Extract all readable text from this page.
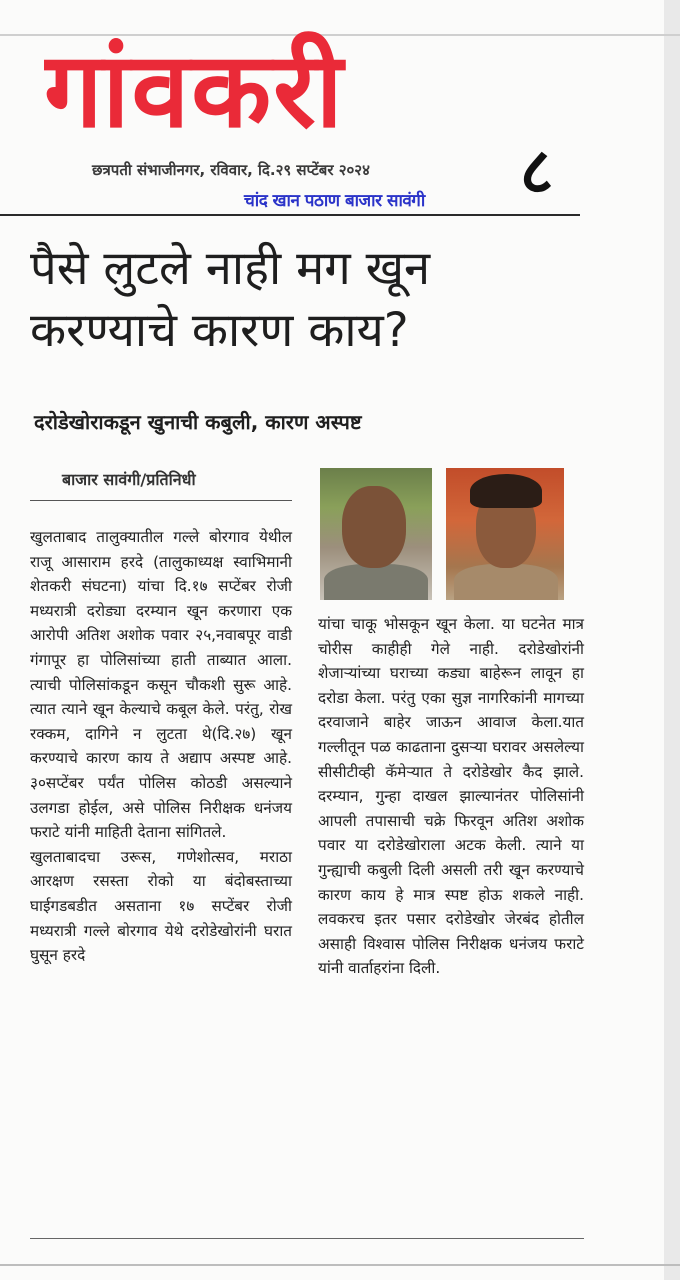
गांवकरी
छत्रपती संभाजीनगर, रविवार, दि.२९ सप्टेंबर २०२४ ८
चांद खान पठाण बाजार सावंगी
पैसे लुटले नाही मग खून करण्याचे कारण काय?
दरोडेखोराकडून खुनाची कबुली, कारण अस्पष्ट
बाजार सावंगी/प्रतिनिधी
खुलताबाद तालुक्यातील गल्ले बोरगाव येथील राजू आसाराम हरदे (तालुकाध्यक्ष स्वाभिमानी शेतकरी संघटना) यांचा दि.१७ सप्टेंबर रोजी मध्यरात्री दरोड्या दरम्यान खून करणारा एक आरोपी अतिश अशोक पवार २५,नवाबपूर वाडी गंगापूर हा पोलिसांच्या हाती ताब्यात आला. त्याची पोलिसांकडून कसून चौकशी सुरू आहे. त्यात त्याने खून केल्याचे कबूल केले. परंतु, रोख रक्कम, दागिने न लुटता थे(दि.२७) खून करण्याचे कारण काय ते अद्याप अस्पष्ट आहे. ३०सप्टेंबर पर्यंत पोलिस कोठडी असल्याने उलगडा होईल, असे पोलिस निरीक्षक धनंजय फराटे यांनी माहिती देताना सांगितले.
खुलताबादचा उरूस, गणेशोत्सव, मराठा आरक्षण रसस्ता रोको या बंदोबस्ताच्या घाईगडबडीत असताना १७ सप्टेंबर रोजी मध्यरात्री गल्ले बोरगाव येथे दरोडेखोरांनी घरात घुसून हरदे
यांचा चाकू भोसकून खून केला. या घटनेत मात्र चोरीस काहीही गेले नाही. दरोडेखोरांनी शेजाऱ्यांच्या घराच्या कड्या बाहेरून लावून हा दरोडा केला. परंतु एका सुज्ञ नागरिकांनी मागच्या दरवाजाने बाहेर जाऊन आवाज केला.यात गल्लीतून पळ काढताना दुसऱ्या घरावर असलेल्या सीसीटीव्ही कॅमेऱ्यात ते दरोडेखोर कैद झाले. दरम्यान, गुन्हा दाखल झाल्यानंतर पोलिसांनी आपली तपासाची चक्रे फिरवून अतिश अशोक पवार या दरोडेखोराला अटक केली. त्याने या गुन्ह्याची कबुली दिली असली तरी खून करण्याचे कारण काय हे मात्र स्पष्ट होऊ शकले नाही. लवकरच इतर पसार दरोडेखोर जेरबंद होतील असाही विश्वास पोलिस निरीक्षक धनंजय फराटे यांनी वार्ताहरांना दिली.
